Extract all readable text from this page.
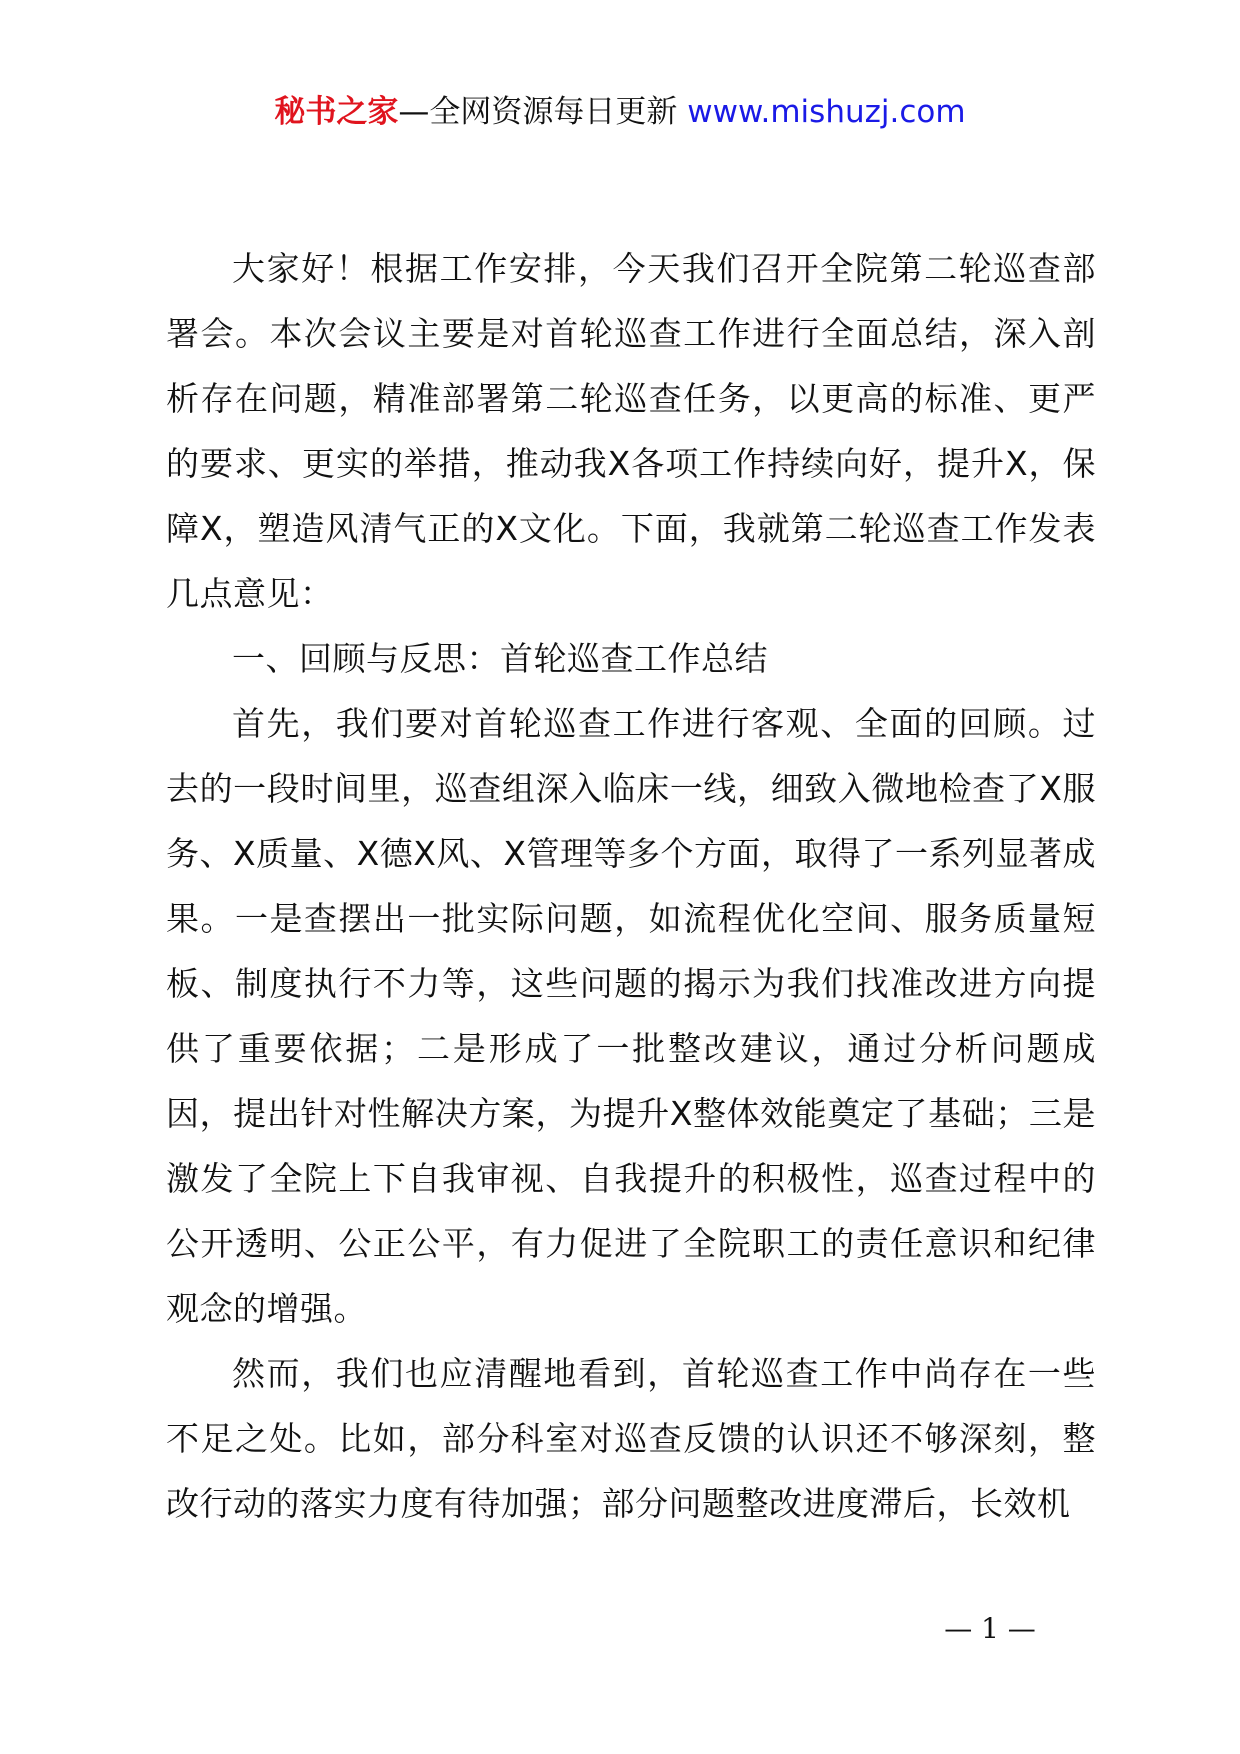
秘书之家—全网资源每日更新 www.mishuzj.com

大家好！根据工作安排，今天我们召开全院第二轮巡查部署会。本次会议主要是对首轮巡查工作进行全面总结，深入剖析存在问题，精准部署第二轮巡查任务，以更高的标准、更严的要求、更实的举措，推动我X各项工作持续向好，提升X，保障X，塑造风清气正的X文化。下面，我就第二轮巡查工作发表几点意见：

一、回顾与反思：首轮巡查工作总结

首先，我们要对首轮巡查工作进行客观、全面的回顾。过去的一段时间里，巡查组深入临床一线，细致入微地检查了X服务、X质量、X德X风、X管理等多个方面，取得了一系列显著成果。一是查摆出一批实际问题，如流程优化空间、服务质量短板、制度执行不力等，这些问题的揭示为我们找准改进方向提供了重要依据；二是形成了一批整改建议，通过分析问题成因，提出针对性解决方案，为提升X整体效能奠定了基础；三是激发了全院上下自我审视、自我提升的积极性，巡查过程中的公开透明、公正公平，有力促进了全院职工的责任意识和纪律观念的增强。

然而，我们也应清醒地看到，首轮巡查工作中尚存在一些不足之处。比如，部分科室对巡查反馈的认识还不够深刻，整改行动的落实力度有待加强；部分问题整改进度滞后，长效机

— 1 —
